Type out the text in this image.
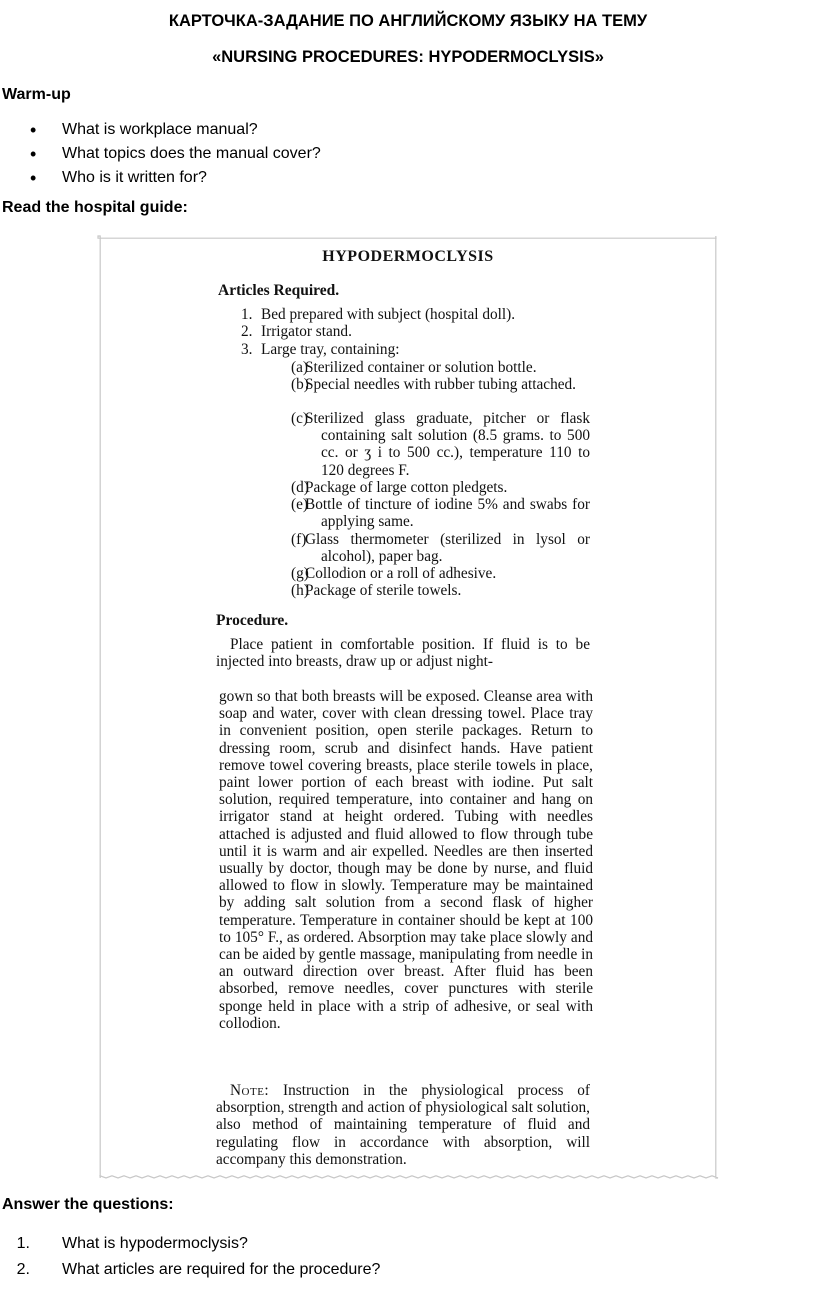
КАРТОЧКА-ЗАДАНИЕ ПО АНГЛИЙСКОМУ ЯЗЫКУ НА ТЕМУ
«NURSING PROCEDURES: HYPODERMOCLYSIS»
Warm-up
• What is workplace manual?
• What topics does the manual cover?
• Who is it written for?
Read the hospital guide:
HYPODERMOCLYSIS
Articles Required.
1. Bed prepared with subject (hospital doll).
2. Irrigator stand.
3. Large tray, containing:
(a)
Sterilized container or solution bottle.
(b)
Special needles with rubber tubing attached.
(c)
Sterilized glass graduate, pitcher or flask containing salt solution (8.5 grams. to 500 cc. or ʒ i to 500 cc.), temperature 110 to 120 degrees F.
(d)
Package of large cotton pledgets.
(e)
Bottle of tincture of iodine 5% and swabs for applying same.
(f)
Glass thermometer (sterilized in lysol or alcohol), paper bag.
(g)
Collodion or a roll of adhesive.
(h)
Package of sterile towels.
Procedure.
Place patient in comfortable position. If fluid is to be injected into breasts, draw up or adjust night-
gown so that both breasts will be exposed. Cleanse area with soap and water, cover with clean dressing towel. Place tray in convenient position, open sterile packages. Return to dressing room, scrub and disinfect hands. Have patient remove towel covering breasts, place sterile towels in place, paint lower portion of each breast with iodine. Put salt solution, required temperature, into container and hang on irrigator stand at height ordered. Tubing with needles attached is adjusted and fluid allowed to flow through tube until it is warm and air expelled. Needles are then inserted usually by doctor, though may be done by nurse, and fluid allowed to flow in slowly. Temperature may be maintained by adding salt solution from a second flask of higher temperature. Temperature in container should be kept at 100 to 105° F., as ordered. Absorption may take place slowly and can be aided by gentle massage, manipulating from needle in an outward direction over breast. After fluid has been absorbed, remove needles, cover punctures with sterile sponge held in place with a strip of adhesive, or seal with collodion.
Note: Instruction in the physiological process of absorption, strength and action of physiological salt solution, also method of maintaining temperature of fluid and regulating flow in accordance with absorption, will accompany this demonstration.
Answer the questions:
1.	What is hypodermoclysis?
2.	What articles are required for the procedure?
